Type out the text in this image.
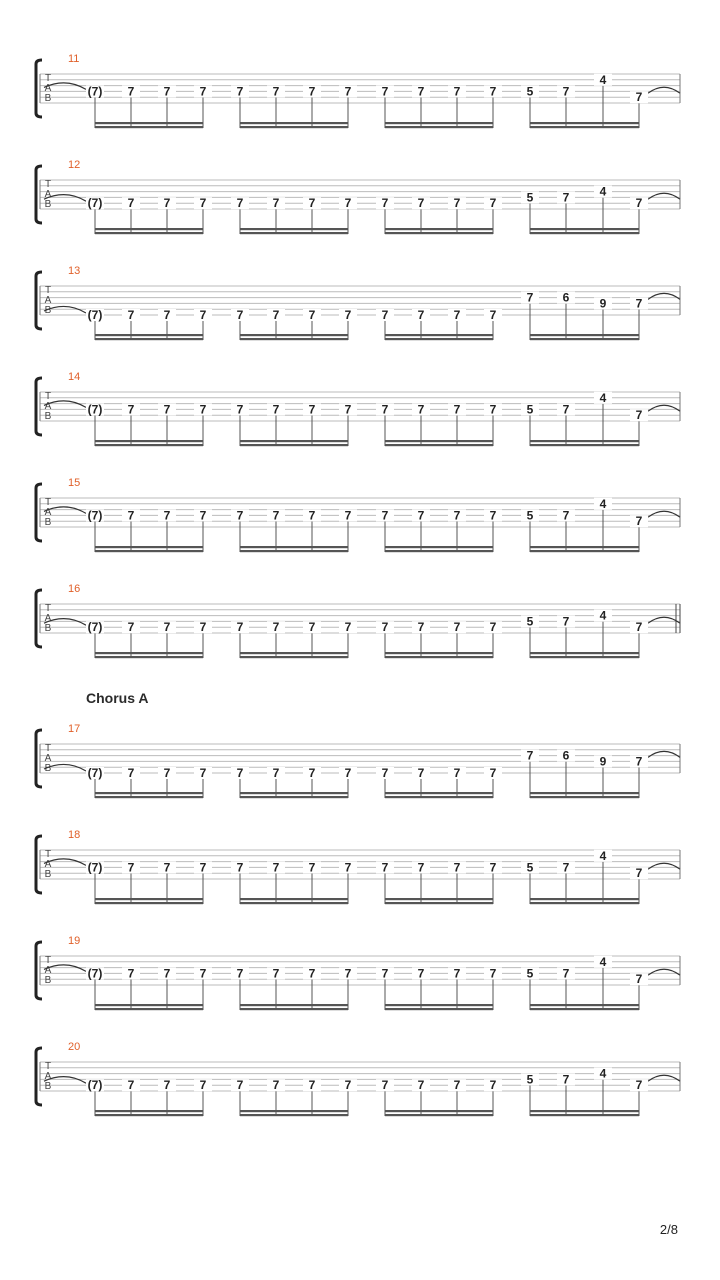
11
T
A
B
(7) 7 7 7	7 7 7 7	7 7 7 7	5 7
4
7
12
T
A
B	(7) 7 7 7	7 7 7 7	7 7 7 7	5 7	4
7
13
T
A
B	(7) 7 7 7	7 7 7 7	7 7 7 7
7 6	9 7
14
T
A
B
(7) 7 7 7	7 7 7 7	7 7 7 7	5 7
4
7
15
T
A
B
(7) 7 7 7	7 7 7 7	7 7 7 7	5 7
4
7
16
T
A
B	(7) 7 7 7	7 7 7 7	7 7 7 7	5 7	4
7
17
T
A
B	(7) 7 7 7	7 7 7 7	7 7 7 7
7 6	9 7
18
T
A
B
(7) 7 7 7	7 7 7 7	7 7 7 7	5 7
4
7
19
T
A
B
(7) 7 7 7	7 7 7 7	7 7 7 7	5 7
4
7
20
T
A
B	(7) 7 7 7	7 7 7 7	7 7 7 7	5 7	4
7
Chorus A
2/8
